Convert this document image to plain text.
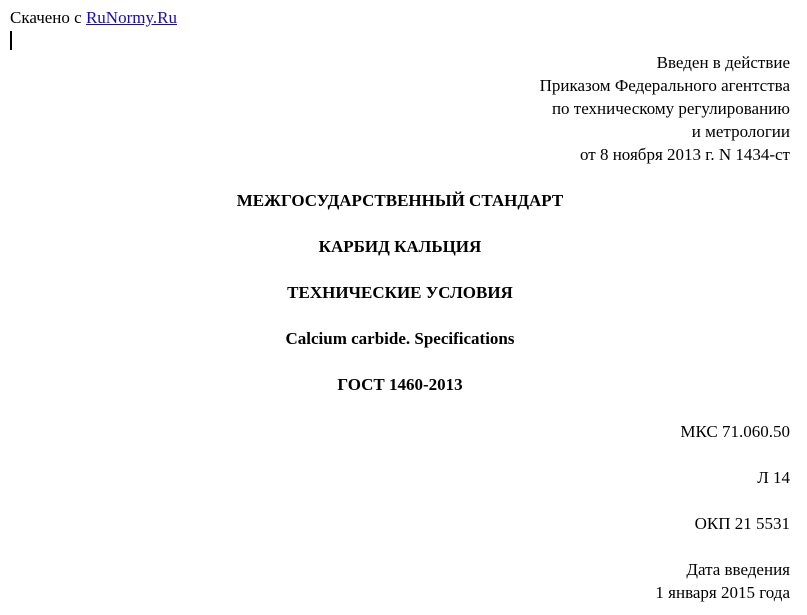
Скачено с RuNormy.Ru
Введен в действие
Приказом Федерального агентства
по техническому регулированию
и метрологии
от 8 ноября 2013 г. N 1434-ст
МЕЖГОСУДАРСТВЕННЫЙ СТАНДАРТ
КАРБИД КАЛЬЦИЯ
ТЕХНИЧЕСКИЕ УСЛОВИЯ
Calcium carbide. Specifications
ГОСТ 1460-2013
МКС 71.060.50
Л 14
ОКП 21 5531
Дата введения
1 января 2015 года
